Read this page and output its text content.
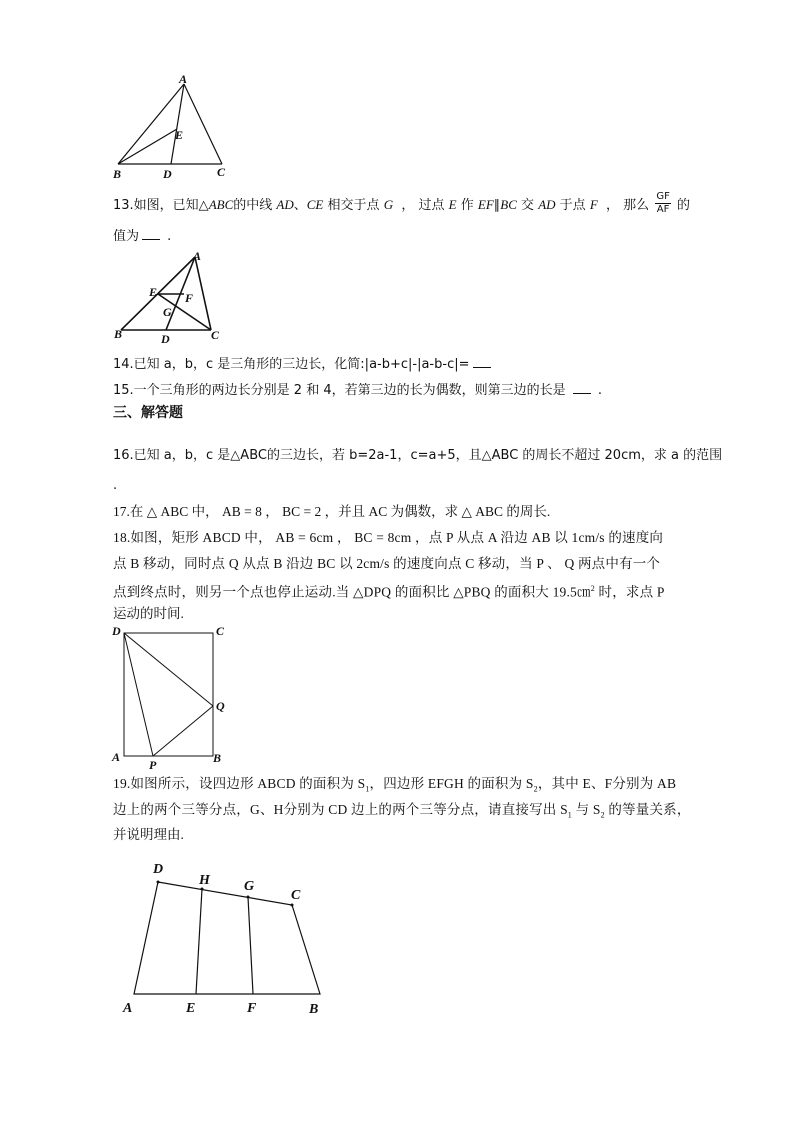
A
B	D	C
E
13.如图，已知△ABC的中线 AD、CE 相交于点 G ， 过点 E 作 EF∥BC 交 AD 于点 F ， 那么 $\frac{GF}{AF}$ 的
值为 .
A
E F
G
B	D	C
14.已知 a，b，c 是三角形的三边长，化简:|a-b+c|-|a-b-c|=
15.一个三角形的两边长分别是 2 和 4，若第三边的长为偶数，则第三边的长是 .
三、解答题
16.已知 a，b，c 是△ABC的三边长，若 b=2a-1，c=a+5，且△ABC 的周长不超过 20cm，求 a 的范围
.
17.在 △ ABC 中， AB = 8 ， BC = 2 ，并且 AC 为偶数，求 △ ABC 的周长.
18.如图，矩形 ABCD 中， AB = 6cm ， BC = 8cm ，点 P 从点 A 沿边 AB 以 1cm/s 的速度向
点 B 移动，同时点 Q 从点 B 沿边 BC 以 2cm/s 的速度向点 C 移动，当 P 、 Q 两点中有一个
点到终点时，则另一个点也停止运动.当 △DPQ 的面积比 △PBQ 的面积大 19.5㎝$^2$ 时，求点 P
运动的时间.
D	C
Q
A
P	B
19.如图所示，设四边形 ABCD 的面积为 $S_1$，四边形 EFGH 的面积为 $S_2$，其中 E、F分别为 AB
边上的两个三等分点，G、H分别为 CD 边上的两个三等分点，请直接写出 $S_1$ 与 $S_2$ 的等量关系，
并说明理由.
D
H G
C
A	E	F	B
